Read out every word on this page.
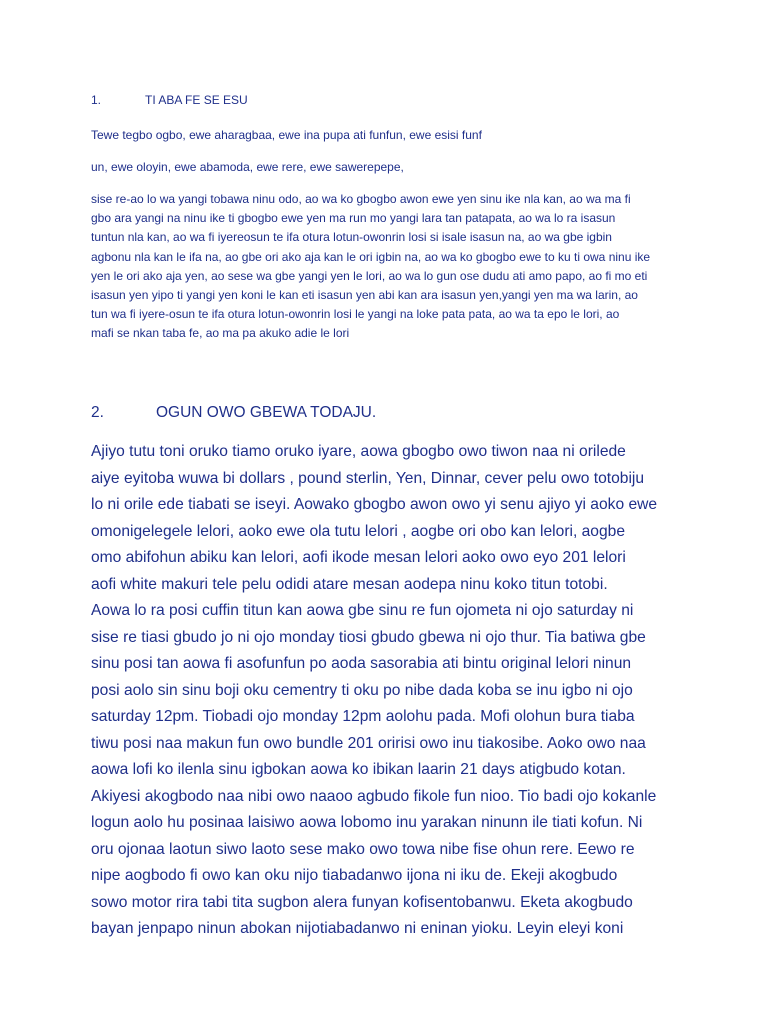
1.	TI ABA FE SE ESU

Tewe tegbo ogbo, ewe aharagbaa, ewe ina pupa ati funfun, ewe esisi funf

un, ewe oloyin, ewe abamoda, ewe rere, ewe sawerepepe,

sise re-ao lo wa yangi tobawa ninu odo, ao wa ko gbogbo awon ewe yen sinu ike nla kan, ao wa ma fi
gbo ara yangi na ninu ike ti gbogbo ewe yen ma run mo yangi lara tan patapata, ao wa lo ra isasun
tuntun nla kan, ao wa fi iyereosun te ifa otura lotun-owonrin losi si isale isasun na, ao wa gbe igbin
agbonu nla kan le ifa na, ao gbe ori ako aja kan le ori igbin na, ao wa ko gbogbo ewe to ku ti owa ninu ike
yen le ori ako aja yen, ao sese wa gbe yangi yen le lori, ao wa lo gun ose dudu ati amo papo, ao fi mo eti
isasun yen yipo ti yangi yen koni le kan eti isasun yen abi kan ara isasun yen,yangi yen ma wa larin, ao
tun wa fi iyere-osun te ifa otura lotun-owonrin losi le yangi na loke pata pata, ao wa ta epo le lori, ao
mafi se nkan taba fe, ao ma pa akuko adie le lori

2.	OGUN OWO GBEWA TODAJU.

Ajiyo tutu toni oruko tiamo oruko iyare, aowa gbogbo owo tiwon naa ni orilede
aiye eyitoba wuwa bi dollars , pound sterlin, Yen, Dinnar, cever pelu owo totobiju
lo ni orile ede tiabati se iseyi. Aowako gbogbo awon owo yi senu ajiyo yi aoko ewe
omonigelegele lelori, aoko ewe ola tutu lelori , aogbe ori obo kan lelori, aogbe
omo abifohun abiku kan lelori, aofi ikode mesan lelori aoko owo eyo 201 lelori
aofi white makuri tele pelu odidi atare mesan aodepa ninu koko titun totobi.
Aowa lo ra posi cuffin titun kan aowa gbe sinu re fun ojometa ni ojo saturday ni
sise re tiasi gbudo jo ni ojo monday tiosi gbudo gbewa ni ojo thur. Tia batiwa gbe
sinu posi tan aowa fi asofunfun po aoda sasorabia ati bintu original lelori ninun
posi aolo sin sinu boji oku cementry ti oku po nibe dada koba se inu igbo ni ojo
saturday 12pm. Tiobadi ojo monday 12pm aolohu pada. Mofi olohun bura tiaba
tiwu posi naa makun fun owo bundle 201 oririsi owo inu tiakosibe. Aoko owo naa
aowa lofi ko ilenla sinu igbokan aowa ko ibikan laarin 21 days atigbudo kotan.
Akiyesi akogbodo naa nibi owo naaoo agbudo fikole fun nioo. Tio badi ojo kokanle
logun aolo hu posinaa laisiwo aowa lobomo inu yarakan ninunn ile tiati kofun. Ni
oru ojonaa laotun siwo laoto sese mako owo towa nibe fise ohun rere. Eewo re
nipe aogbodo fi owo kan oku nijo tiabadanwo ijona ni iku de. Ekeji akogbudo
sowo motor rira tabi tita sugbon alera funyan kofisentobanwu. Eketa akogbudo
bayan jenpapo ninun abokan nijotiabadanwo ni eninan yioku. Leyin eleyi koni
